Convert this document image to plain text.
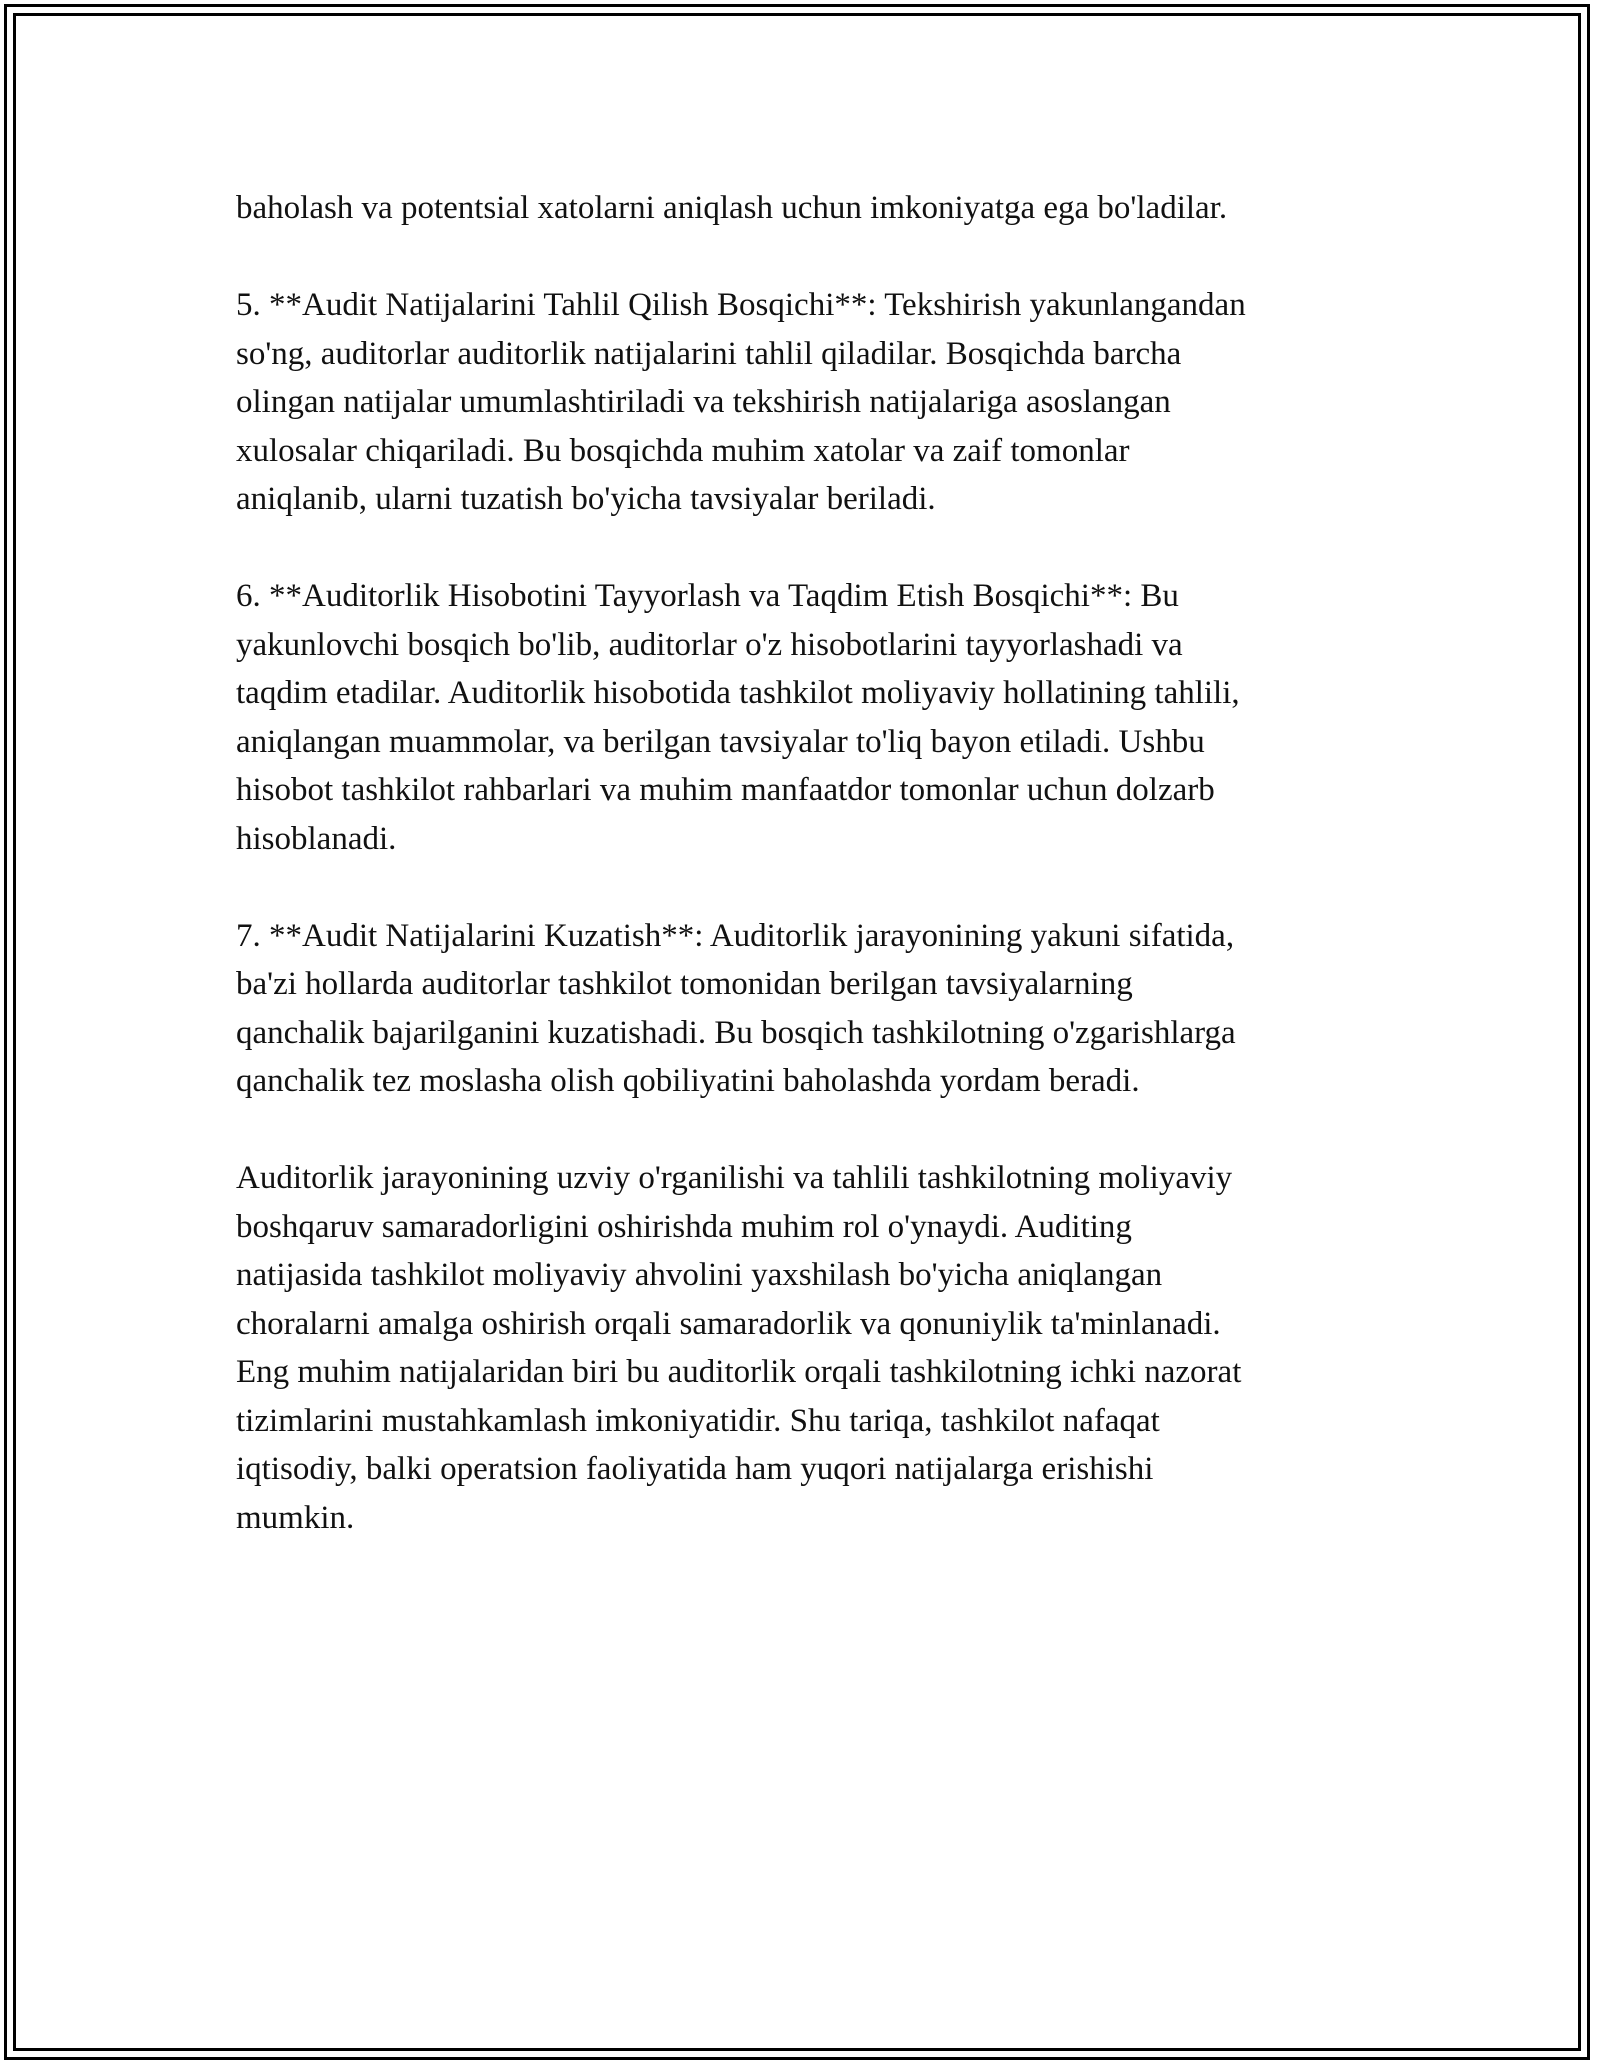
baholash va potentsial xatolarni aniqlash uchun imkoniyatga ega bo'ladilar.

5. **Audit Natijalarini Tahlil Qilish Bosqichi**: Tekshirish yakunlangandan
so'ng, auditorlar auditorlik natijalarini tahlil qiladilar. Bosqichda barcha
olingan natijalar umumlashtiriladi va tekshirish natijalariga asoslangan
xulosalar chiqariladi. Bu bosqichda muhim xatolar va zaif tomonlar
aniqlanib, ularni tuzatish bo'yicha tavsiyalar beriladi.

6. **Auditorlik Hisobotini Tayyorlash va Taqdim Etish Bosqichi**: Bu
yakunlovchi bosqich bo'lib, auditorlar o'z hisobotlarini tayyorlashadi va
taqdim etadilar. Auditorlik hisobotida tashkilot moliyaviy hollatining tahlili,
aniqlangan muammolar, va berilgan tavsiyalar to'liq bayon etiladi. Ushbu
hisobot tashkilot rahbarlari va muhim manfaatdor tomonlar uchun dolzarb
hisoblanadi.

7. **Audit Natijalarini Kuzatish**: Auditorlik jarayonining yakuni sifatida,
ba'zi hollarda auditorlar tashkilot tomonidan berilgan tavsiyalarning
qanchalik bajarilganini kuzatishadi. Bu bosqich tashkilotning o'zgarishlarga
qanchalik tez moslasha olish qobiliyatini baholashda yordam beradi.

Auditorlik jarayonining uzviy o'rganilishi va tahlili tashkilotning moliyaviy
boshqaruv samaradorligini oshirishda muhim rol o'ynaydi. Auditing
natijasida tashkilot moliyaviy ahvolini yaxshilash bo'yicha aniqlangan
choralarni amalga oshirish orqali samaradorlik va qonuniylik ta'minlanadi.
Eng muhim natijalaridan biri bu auditorlik orqali tashkilotning ichki nazorat
tizimlarini mustahkamlash imkoniyatidir. Shu tariqa, tashkilot nafaqat
iqtisodiy, balki operatsion faoliyatida ham yuqori natijalarga erishishi
mumkin.
